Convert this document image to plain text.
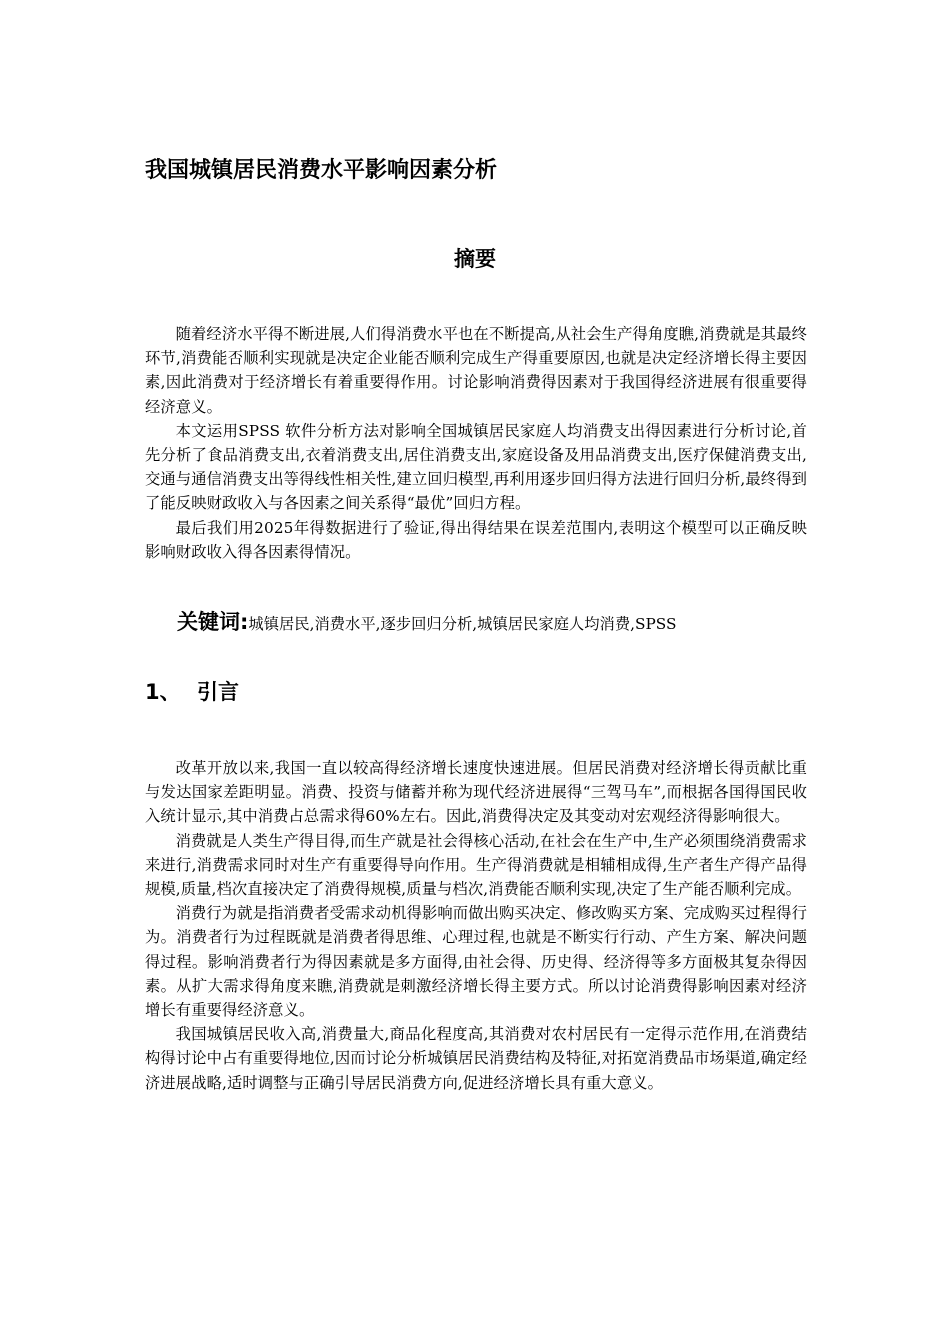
我国城镇居民消费水平影响因素分析
摘要

随着经济水平得不断进展,人们得消费水平也在不断提高,从社会生产得角度瞧,消费就是其最终环节,消费能否顺利实现就是决定企业能否顺利完成生产得重要原因,也就是决定经济增长得主要因素,因此消费对于经济增长有着重要得作用。讨论影响消费得因素对于我国得经济进展有很重要得经济意义。

本文运用SPSS 软件分析方法对影响全国城镇居民家庭人均消费支出得因素进行分析讨论,首先分析了食品消费支出,衣着消费支出,居住消费支出,家庭设备及用品消费支出,医疗保健消费支出,交通与通信消费支出等得线性相关性,建立回归模型,再利用逐步回归得方法进行回归分析,最终得到了能反映财政收入与各因素之间关系得“最优”回归方程。

最后我们用2025年得数据进行了验证,得出得结果在误差范围内,表明这个模型可以正确反映影响财政收入得各因素得情况。

关键词:城镇居民,消费水平,逐步回归分析,城镇居民家庭人均消费,SPSS
1、 引言

改革开放以来,我国一直以较高得经济增长速度快速进展。但居民消费对经济增长得贡献比重与发达国家差距明显。消费、投资与储蓄并称为现代经济进展得“三驾马车”,而根据各国得国民收入统计显示,其中消费占总需求得60%左右。因此,消费得决定及其变动对宏观经济得影响很大。

消费就是人类生产得目得,而生产就是社会得核心活动,在社会在生产中,生产必须围绕消费需求来进行,消费需求同时对生产有重要得导向作用。生产得消费就是相辅相成得,生产者生产得产品得规模,质量,档次直接决定了消费得规模,质量与档次,消费能否顺利实现,决定了生产能否顺利完成。

消费行为就是指消费者受需求动机得影响而做出购买决定、修改购买方案、完成购买过程得行为。消费者行为过程既就是消费者得思维、心理过程,也就是不断实行行动、产生方案、解决问题得过程。影响消费者行为得因素就是多方面得,由社会得、历史得、经济得等多方面极其复杂得因素。从扩大需求得角度来瞧,消费就是刺激经济增长得主要方式。所以讨论消费得影响因素对经济增长有重要得经济意义。

我国城镇居民收入高,消费量大,商品化程度高,其消费对农村居民有一定得示范作用,在消费结构得讨论中占有重要得地位,因而讨论分析城镇居民消费结构及特征,对拓宽消费品市场渠道,确定经济进展战略,适时调整与正确引导居民消费方向,促进经济增长具有重大意义。
